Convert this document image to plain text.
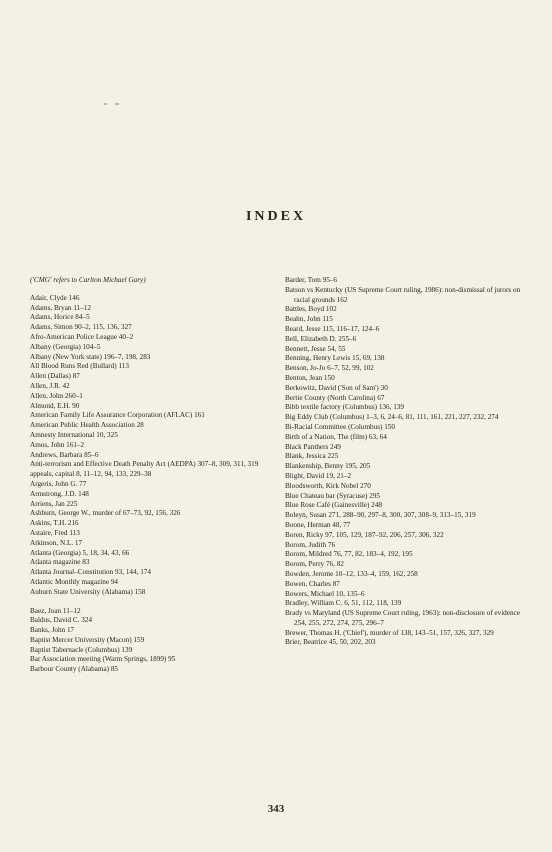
INDEX
('CMG' refers to Carlton Michael Gary)
Adair, Clyde 146
Adams, Bryan 11–12
Adams, Horice 84–5
Adams, Simon 90–2, 115, 136, 327
Afro-American Police League 40–2
Albany (Georgia) 104–5
Albany (New York state) 196–7, 198, 283
All Blood Runs Red (Bullard) 113
Allen (Dallas) 87
Allen, J.R. 42
Allen, John 260–1
Almond, E.H. 90
American Family Life Assurance Corporation (AFLAC) 161
American Public Health Association 28
Amnesty International 10, 325
Amos, John 161–2
Andrews, Barbara 85–6
Anti-terrorism and Effective Death Penalty Act (AEDPA) 307–8, 309, 311, 319
appeals, capital 8, 11–12, 94, 133, 229–38
Argeris, John G. 77
Armstrong, J.D. 148
Arriens, Jan 225
Ashburn, George W., murder of 67–73, 92, 156, 326
Askins, T.H. 216
Astaire, Fred 113
Atkinson, N.L. 17
Atlanta (Georgia) 5, 18, 34, 43, 66
Atlanta magazine 83
Atlanta Journal–Constitution 93, 144, 174
Atlantic Monthly magazine 94
Auburn State University (Alabama) 158
Baez, Joan 11–12
Baldus, David C. 324
Banks, John 17
Baptist Mercer University (Macon) 159
Baptist Tabernacle (Columbus) 139
Bar Association meeting (Warm Springs, 1899) 95
Barbour County (Alabama) 85
Barder, Tom 95–6
Batson vs Kentucky (US Supreme Court ruling, 1986): non-dismissal of jurors on racial grounds 162
Battles, Boyd 102
Beahn, John 115
Beard, Jesse 115, 116–17, 124–6
Bell, Elizabeth D. 255–6
Bennett, Jesse 54, 55
Benning, Henry Lewis 15, 69, 138
Benson, Jo-Jo 6–7, 52, 99, 102
Benton, Jean 150
Berkowitz, David ('Son of Sam') 30
Bertie County (North Carolina) 67
Bibb textile factory (Columbus) 136, 139
Big Eddy Club (Columbus) 1–3, 6, 24–6, 81, 111, 161, 221, 227, 232, 274
Bi-Racial Committee (Columbus) 150
Birth of a Nation, The (film) 63, 64
Black Panthers 249
Blank, Jessica 225
Blankenship, Benny 195, 205
Blight, David 19, 21–2
Bloodsworth, Kirk Nobel 270
Blue Chateau bar (Syracuse) 295
Blue Rose Café (Gainesville) 248
Boleyn, Susan 271, 288–90, 297–8, 300, 307, 308–9, 313–15, 319
Boone, Herman 48, 77
Boren, Ricky 97, 105, 129, 187–92, 206, 257, 306, 322
Borom, Judith 76
Borom, Mildred 76, 77, 82, 183–4, 192, 195
Borom, Perry 76, 82
Bowden, Jerome 10–12, 133–4, 159, 162, 258
Bowen, Charles 87
Bowers, Michael 10, 135–6
Bradley, William C. 6, 51, 112, 118, 139
Brady vs Maryland (US Supreme Court ruling, 1963): non-disclosure of evidence 254, 255, 272, 274, 275, 296–7
Brewer, Thomas H. ('Chief'), murder of 138, 143–51, 157, 326, 327, 329
Brier, Beatrice 45, 50, 202, 203
343
